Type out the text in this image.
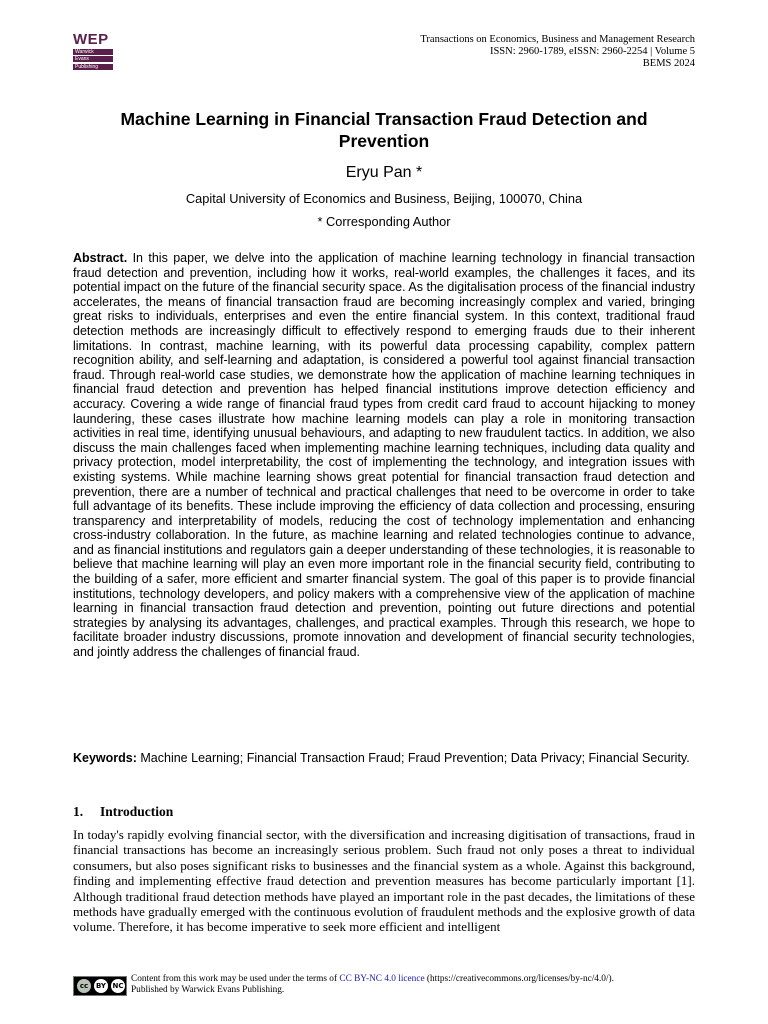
WEP
Warwick
Evans
Publishing
Transactions on Economics, Business and Management Research
ISSN: 2960-1789, eISSN: 2960-2254 | Volume 5
BEMS 2024
Machine Learning in Financial Transaction Fraud Detection and Prevention
Eryu Pan *
Capital University of Economics and Business, Beijing, 100070, China
* Corresponding Author

Abstract. In this paper, we delve into the application of machine learning technology in financial transaction fraud detection and prevention, including how it works, real-world examples, the challenges it faces, and its potential impact on the future of the financial security space. As the digitalisation process of the financial industry accelerates, the means of financial transaction fraud are becoming increasingly complex and varied, bringing great risks to individuals, enterprises and even the entire financial system. In this context, traditional fraud detection methods are increasingly difficult to effectively respond to emerging frauds due to their inherent limitations. In contrast, machine learning, with its powerful data processing capability, complex pattern recognition ability, and self-learning and adaptation, is considered a powerful tool against financial transaction fraud. Through real-world case studies, we demonstrate how the application of machine learning techniques in financial fraud detection and prevention has helped financial institutions improve detection efficiency and accuracy. Covering a wide range of financial fraud types from credit card fraud to account hijacking to money laundering, these cases illustrate how machine learning models can play a role in monitoring transaction activities in real time, identifying unusual behaviours, and adapting to new fraudulent tactics. In addition, we also discuss the main challenges faced when implementing machine learning techniques, including data quality and privacy protection, model interpretability, the cost of implementing the technology, and integration issues with existing systems. While machine learning shows great potential for financial transaction fraud detection and prevention, there are a number of technical and practical challenges that need to be overcome in order to take full advantage of its benefits. These include improving the efficiency of data collection and processing, ensuring transparency and interpretability of models, reducing the cost of technology implementation and enhancing cross-industry collaboration. In the future, as machine learning and related technologies continue to advance, and as financial institutions and regulators gain a deeper understanding of these technologies, it is reasonable to believe that machine learning will play an even more important role in the financial security field, contributing to the building of a safer, more efficient and smarter financial system. The goal of this paper is to provide financial institutions, technology developers, and policy makers with a comprehensive view of the application of machine learning in financial transaction fraud detection and prevention, pointing out future directions and potential strategies by analysing its advantages, challenges, and practical examples. Through this research, we hope to facilitate broader industry discussions, promote innovation and development of financial security technologies, and jointly address the challenges of financial fraud.

Keywords: Machine Learning; Financial Transaction Fraud; Fraud Prevention; Data Privacy; Financial Security.

1. Introduction

In today's rapidly evolving financial sector, with the diversification and increasing digitisation of transactions, fraud in financial transactions has become an increasingly serious problem. Such fraud not only poses a threat to individual consumers, but also poses significant risks to businesses and the financial system as a whole. Against this background, finding and implementing effective fraud detection and prevention measures has become particularly important [1]. Although traditional fraud detection methods have played an important role in the past decades, the limitations of these methods have gradually emerged with the continuous evolution of fraudulent methods and the explosive growth of data volume. Therefore, it has become imperative to seek more efficient and intelligent

cc	BY NC
Content from this work may be used under the terms of CC BY-NC 4.0 licence (https://creativecommons.org/licenses/by-nc/4.0/).
Published by Warwick Evans Publishing.
